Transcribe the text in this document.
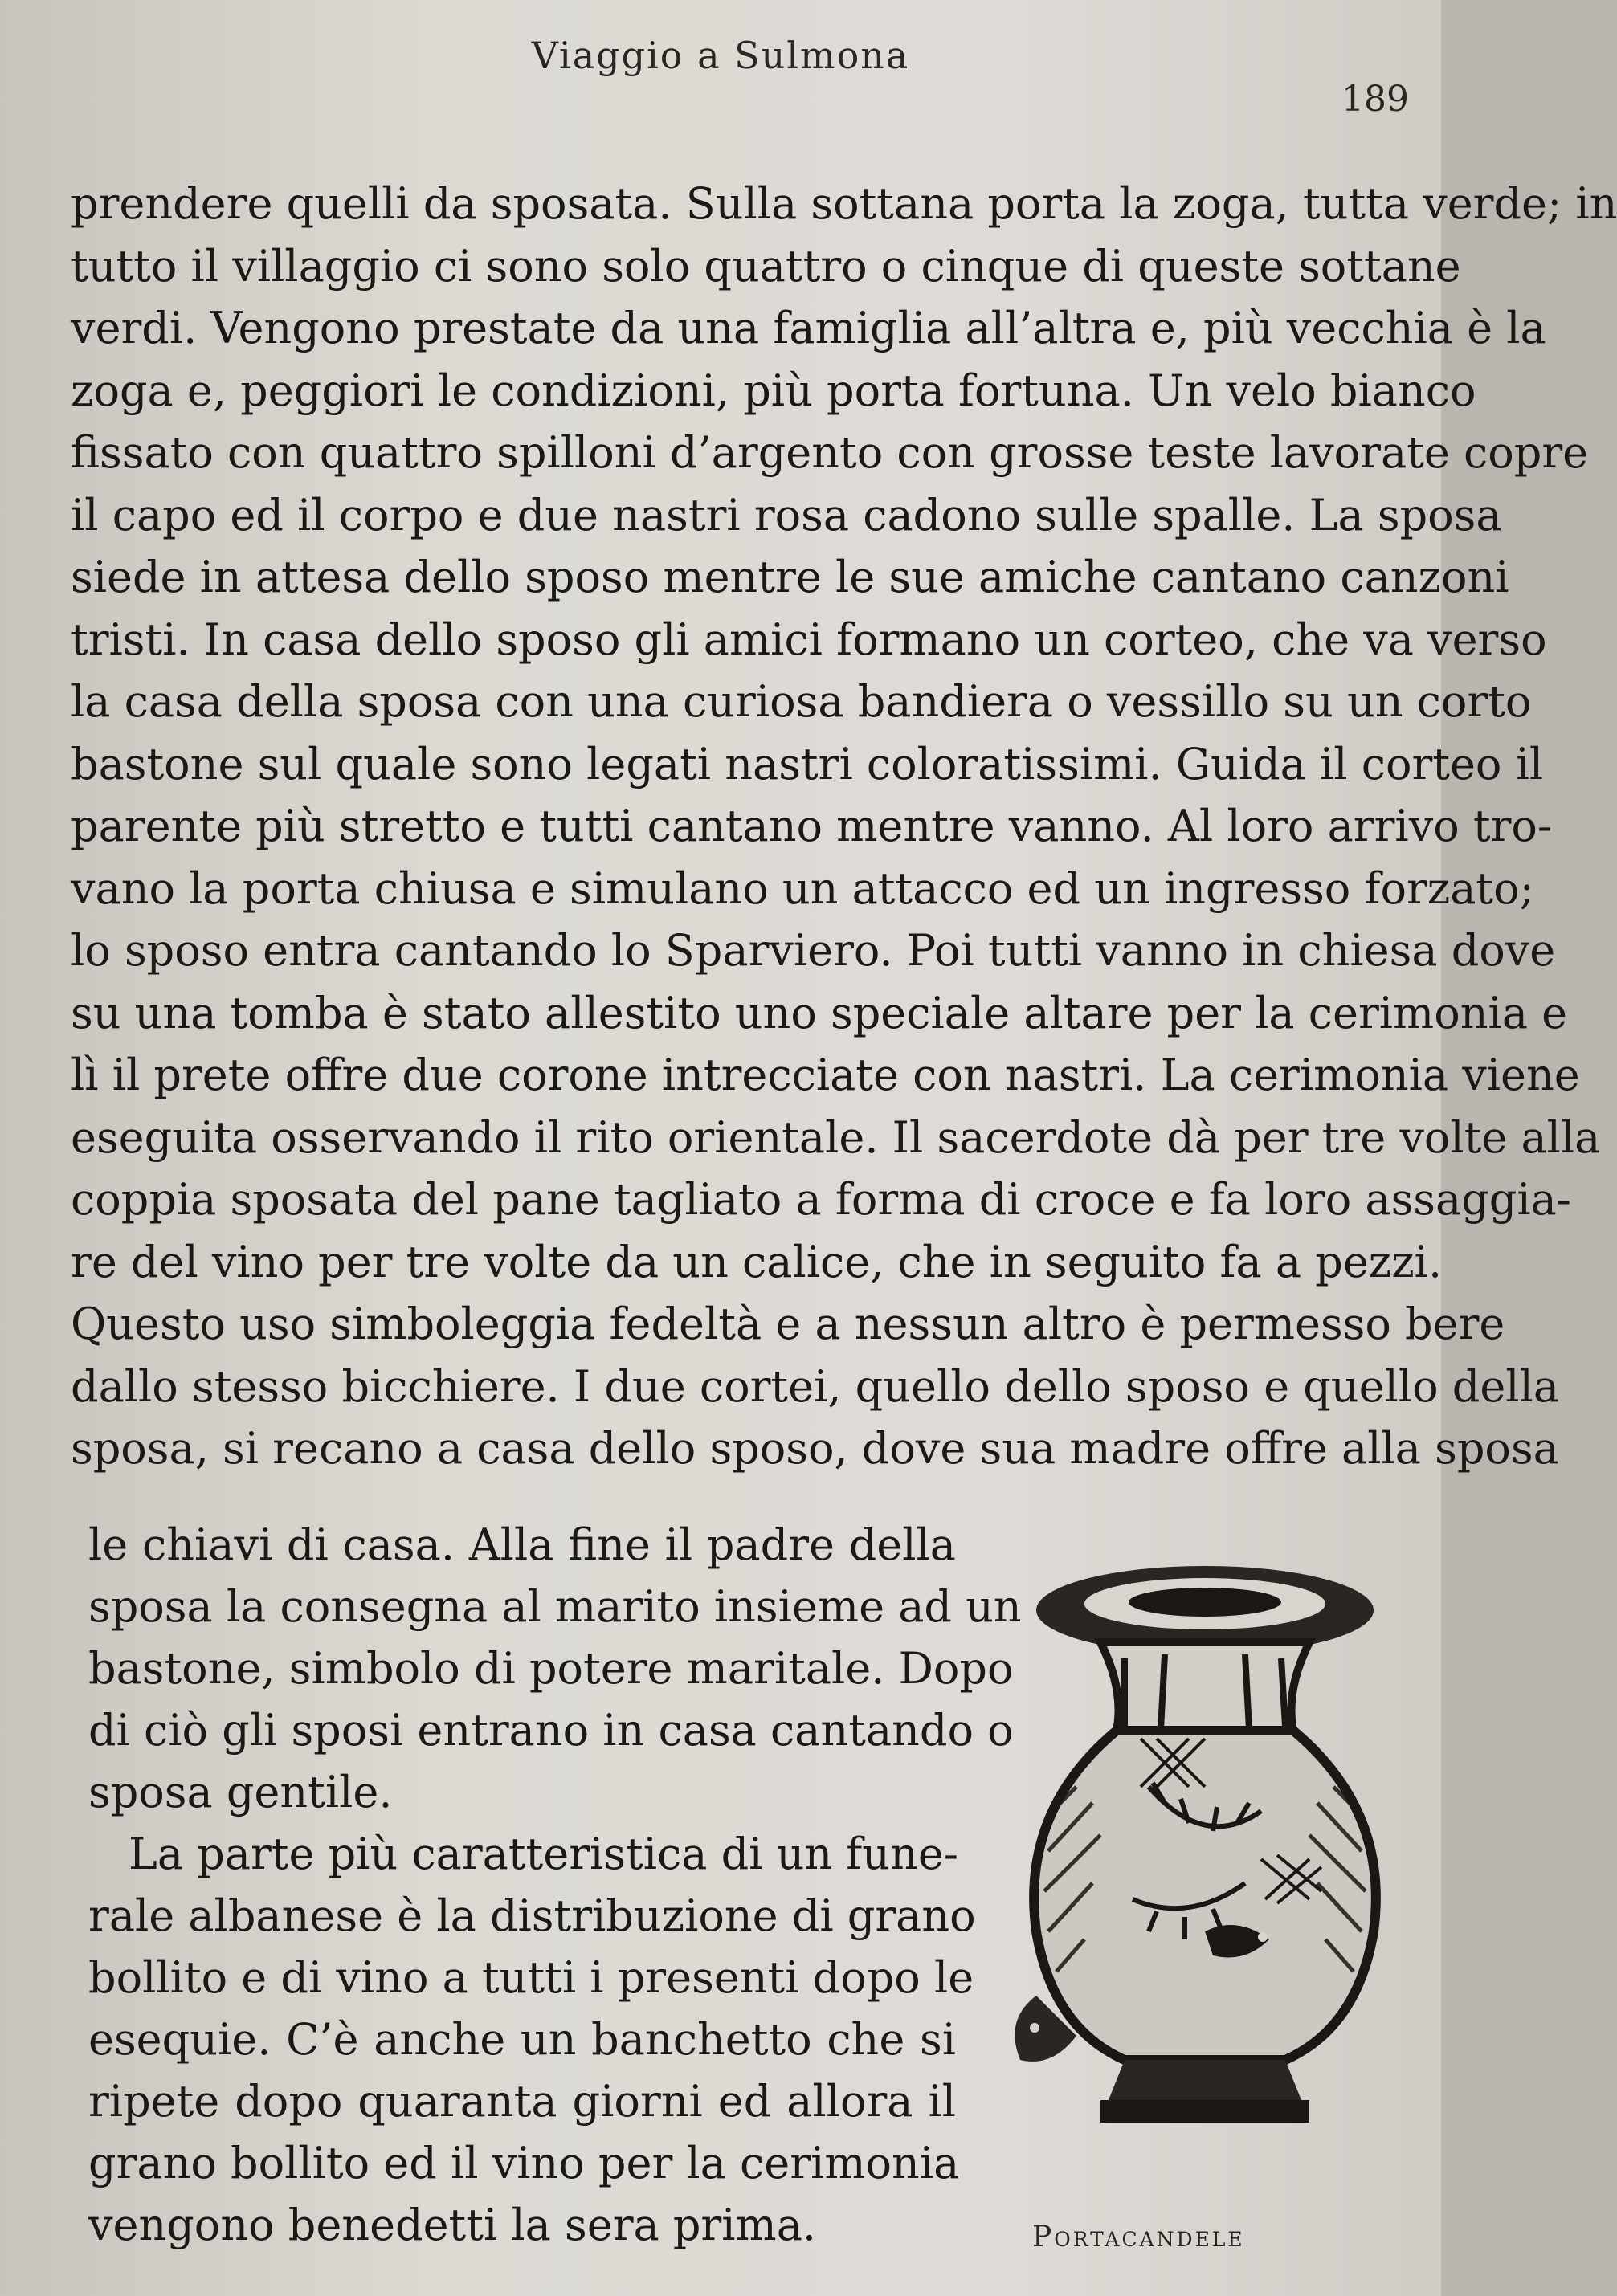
Viaggio a Sulmona
189
prendere quelli da sposata. Sulla sottana porta la zoga, tutta verde; in
tutto il villaggio ci sono solo quattro o cinque di queste sottane
verdi. Vengono prestate da una famiglia all’altra e, più vecchia è la
zoga e, peggiori le condizioni, più porta fortuna. Un velo bianco
fissato con quattro spilloni d’argento con grosse teste lavorate copre
il capo ed il corpo e due nastri rosa cadono sulle spalle. La sposa
siede in attesa dello sposo mentre le sue amiche cantano canzoni
tristi. In casa dello sposo gli amici formano un corteo, che va verso
la casa della sposa con una curiosa bandiera o vessillo su un corto
bastone sul quale sono legati nastri coloratissimi. Guida il corteo il
parente più stretto e tutti cantano mentre vanno. Al loro arrivo tro-
vano la porta chiusa e simulano un attacco ed un ingresso forzato;
lo sposo entra cantando lo Sparviero. Poi tutti vanno in chiesa dove
su una tomba è stato allestito uno speciale altare per la cerimonia e
lì il prete offre due corone intrecciate con nastri. La cerimonia viene
eseguita osservando il rito orientale. Il sacerdote dà per tre volte alla
coppia sposata del pane tagliato a forma di croce e fa loro assaggia-
re del vino per tre volte da un calice, che in seguito fa a pezzi.
Questo uso simboleggia fedeltà e a nessun altro è permesso bere
dallo stesso bicchiere. I due cortei, quello dello sposo e quello della
sposa, si recano a casa dello sposo, dove sua madre offre alla sposa
le chiavi di casa. Alla fine il padre della
sposa la consegna al marito insieme ad un
bastone, simbolo di potere maritale. Dopo
di ciò gli sposi entrano in casa cantando o
sposa gentile.
La parte più caratteristica di un fune-
rale albanese è la distribuzione di grano
bollito e di vino a tutti i presenti dopo le
esequie. C’è anche un banchetto che si
ripete dopo quaranta giorni ed allora il
grano bollito ed il vino per la cerimonia
vengono benedetti la sera prima.	Portacandele
